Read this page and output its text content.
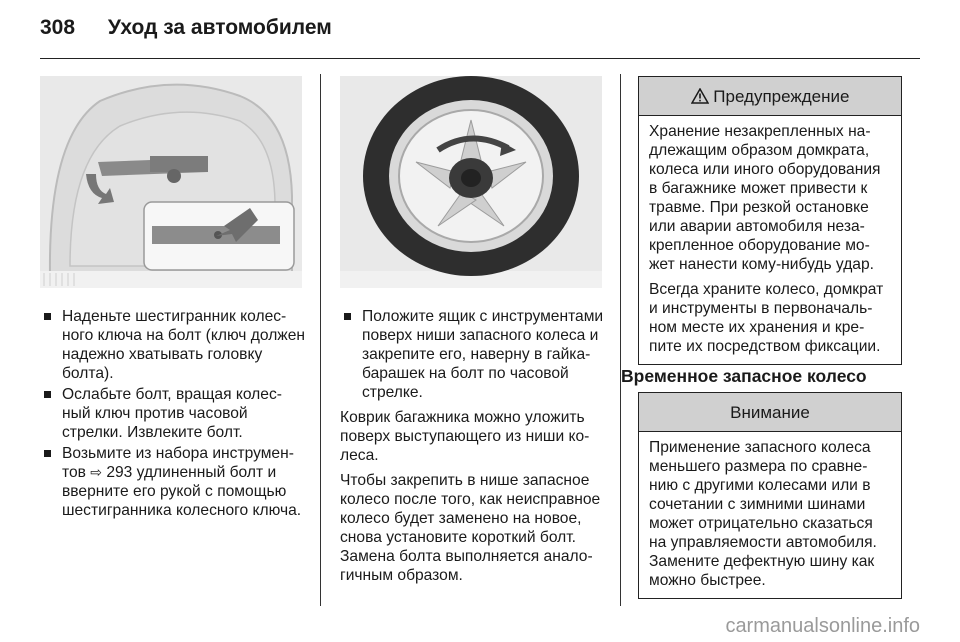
308 Уход за автомобилем
Наденьте шестигранник колес-ного ключа на болт (ключ должен надежно хватывать головку болта).
Ослабьте болт, вращая колес-ный ключ против часовой стрелки. Извлеките болт.
Возьмите из набора инструмен-тов ⇨ 293 удлиненный болт и вверните его рукой с помощью шестигранника колесного ключа.
Положите ящик с инструментами поверх ниши запасного колеса и закрепите его, наверну в гайка-барашек на болт по часовой стрелке.

Коврик багажника можно уложить поверх выступающего из ниши ко-леса.

Чтобы закрепить в нише запасное колесо после того, как неисправное колесо будет заменено на новое, снова установите короткий болт. Замена болта выполняется анало-гичным образом.

Предупреждение

Хранение незакрепленных на-длежащим образом домкрата, колеса или иного оборудования в багажнике может привести к травме. При резкой остановке или аварии автомобиля неза-крепленное оборудование мо-жет нанести кому-нибудь удар.

Всегда храните колесо, домкрат и инструменты в первоначаль-ном месте их хранения и кре-пите их посредством фиксации.

Временное запасное колесо
Внимание

Применение запасного колеса меньшего размера по сравне-нию с другими колесами или в сочетании с зимними шинами может отрицательно сказаться на управляемости автомобиля. Замените дефектную шину как можно быстрее.

carmanualsonline.info
